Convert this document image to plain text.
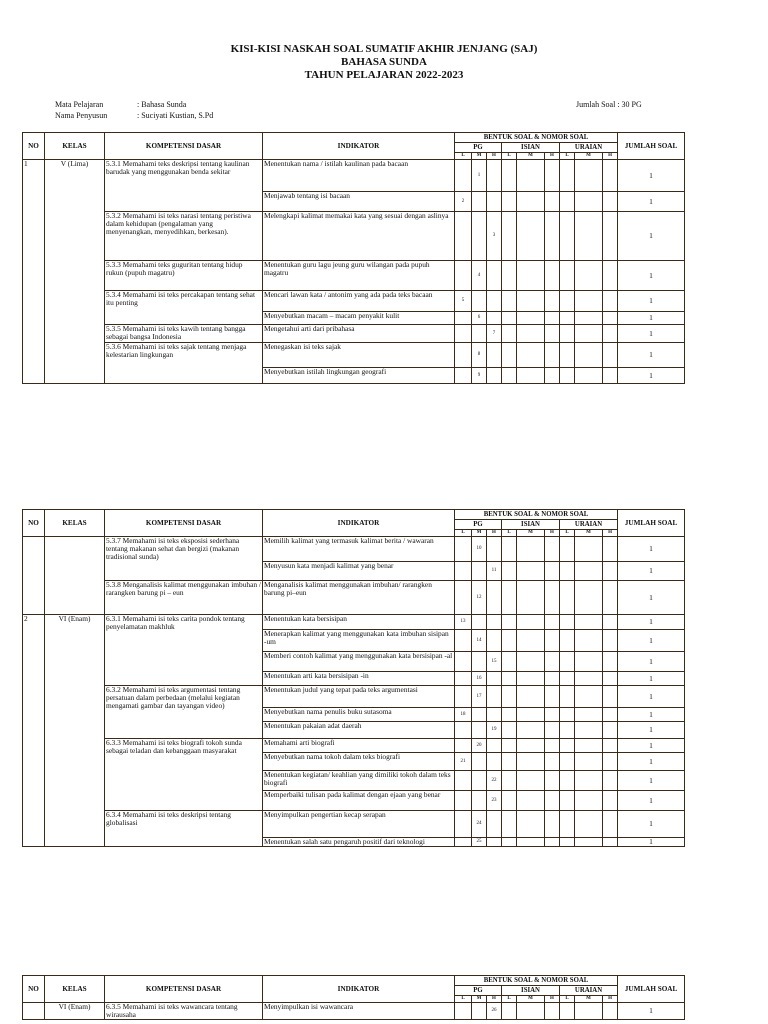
KISI-KISI NASKAH SOAL SUMATIF AKHIR JENJANG (SAJ)
BAHASA SUNDA
TAHUN PELAJARAN 2022-2023
Mata Pelajaran	: Bahasa Sunda
Nama Penyusun	: Suciyati Kustian, S.Pd
Jumlah Soal : 30 PG
NO	KELAS	KOMPETENSI DASAR	INDIKATOR	BENTUK SOAL & NOMOR SOAL									JUMLAH SOAL
				PG			ISIAN			URAIAN			
				L	M	H	L	M	H	L	M	H	
1	V (Lima)	5.3.1 Memahami teks deskripsi tentang kaulinan barudak yang menggunakan benda sekitar	Menentukan nama / istilah kaulinan pada bacaan		1								1
			Menjawab tentang isi bacaan	2									1
		5.3.2 Memahami isi teks narasi tentang peristiwa dalam kehidupan (pengalaman yang menyenangkan, menyedihkan, berkesan).	Melengkapi kalimat memakai kata yang sesuai dengan aslinya			3							1
		5.3.3 Memahami teks guguritan tentang hidup rukun (pupuh magatru)	Menentukan guru lagu jeung guru wilangan pada pupuh magatru		4								1
		5.3.4 Memahami isi teks percakapan tentang sehat itu penting	Mencari lawan kata / antonim yang ada pada teks bacaan	5									1
			Menyebutkan macam – macam penyakit kulit		6								1
		5.3.5 Memahami isi teks kawih tentang bangga sebagai bangsa Indonesia	Mengetahui arti dari pribahasa			7							1
		5.3.6 Memahami isi teks sajak tentang menjaga kelestarian lingkungan	Menegaskan isi teks sajak		8								1
			Menyebutkan istilah lingkungan geografi		9								1
NO	KELAS	KOMPETENSI DASAR	INDIKATOR	BENTUK SOAL & NOMOR SOAL									JUMLAH SOAL
				PG			ISIAN			URAIAN			
				L	M	H	L	M	H	L	M	H	
		5.3.7 Memahami isi teks eksposisi sederhana tentang makanan sehat dan bergizi (makanan tradisional sunda)	Memilih kalimat yang termasuk kalimat berita / wawaran		10								1
			Menyusun kata menjadi kalimat yang benar			11							1
		5.3.8 Menganalisis kalimat menggunakan imbuhan / rarangken barung pi – eun	Menganalisis kalimat menggunakan imbuhan/ rarangken barung pi–eun		12								1
2	VI (Enam)	6.3.1 Memahami isi teks carita pondok tentang penyelamatan makhluk	Menentukan kata bersisipan	13									1
			Menerapkan kalimat yang menggunakan kata imbuhan sisipan -um		14								1
			Memberi contoh kalimat yang menggunakan kata bersisipan -al			15							1
			Menentukan arti kata bersisipan -in		16								1
		6.3.2 Memahami isi teks argumentasi tentang persatuan dalam perbedaan (melalui kegiatan mengamati gambar dan tayangan video)	Menentukan judul yang tepat pada teks argumentasi		17								1
			Menyebutkan nama penulis buku sutasoma	18									1
			Menentukan pakaian adat daerah			19							1
		6.3.3 Memahami isi teks biografi tokoh sunda sebagai teladan dan kebanggaan masyarakat	Memahami arti biografi		20								1
			Menyebutkan nama tokoh dalam teks biografi	21									1
			Menentukan kegiatan/ keahlian yang dimiliki tokoh dalam teks biografi			22							1
			Memperbaiki tulisan pada kalimat dengan ejaan yang benar			23							1
		6.3.4 Memahami isi teks deskripsi tentang globalisasi	Menyimpulkan pengertian kecap serapan		24								1
			Menentukan salah satu pengaruh positif dari teknologi		25								1
NO	KELAS	KOMPETENSI DASAR	INDIKATOR	BENTUK SOAL & NOMOR SOAL									JUMLAH SOAL
				PG			ISIAN			URAIAN			
				L	M	H	L	M	H	L	M	H	
	VI (Enam)	6.3.5 Memahami isi teks wawancara tentang wirausaha	Menyimpulkan isi wawancara			26							1
